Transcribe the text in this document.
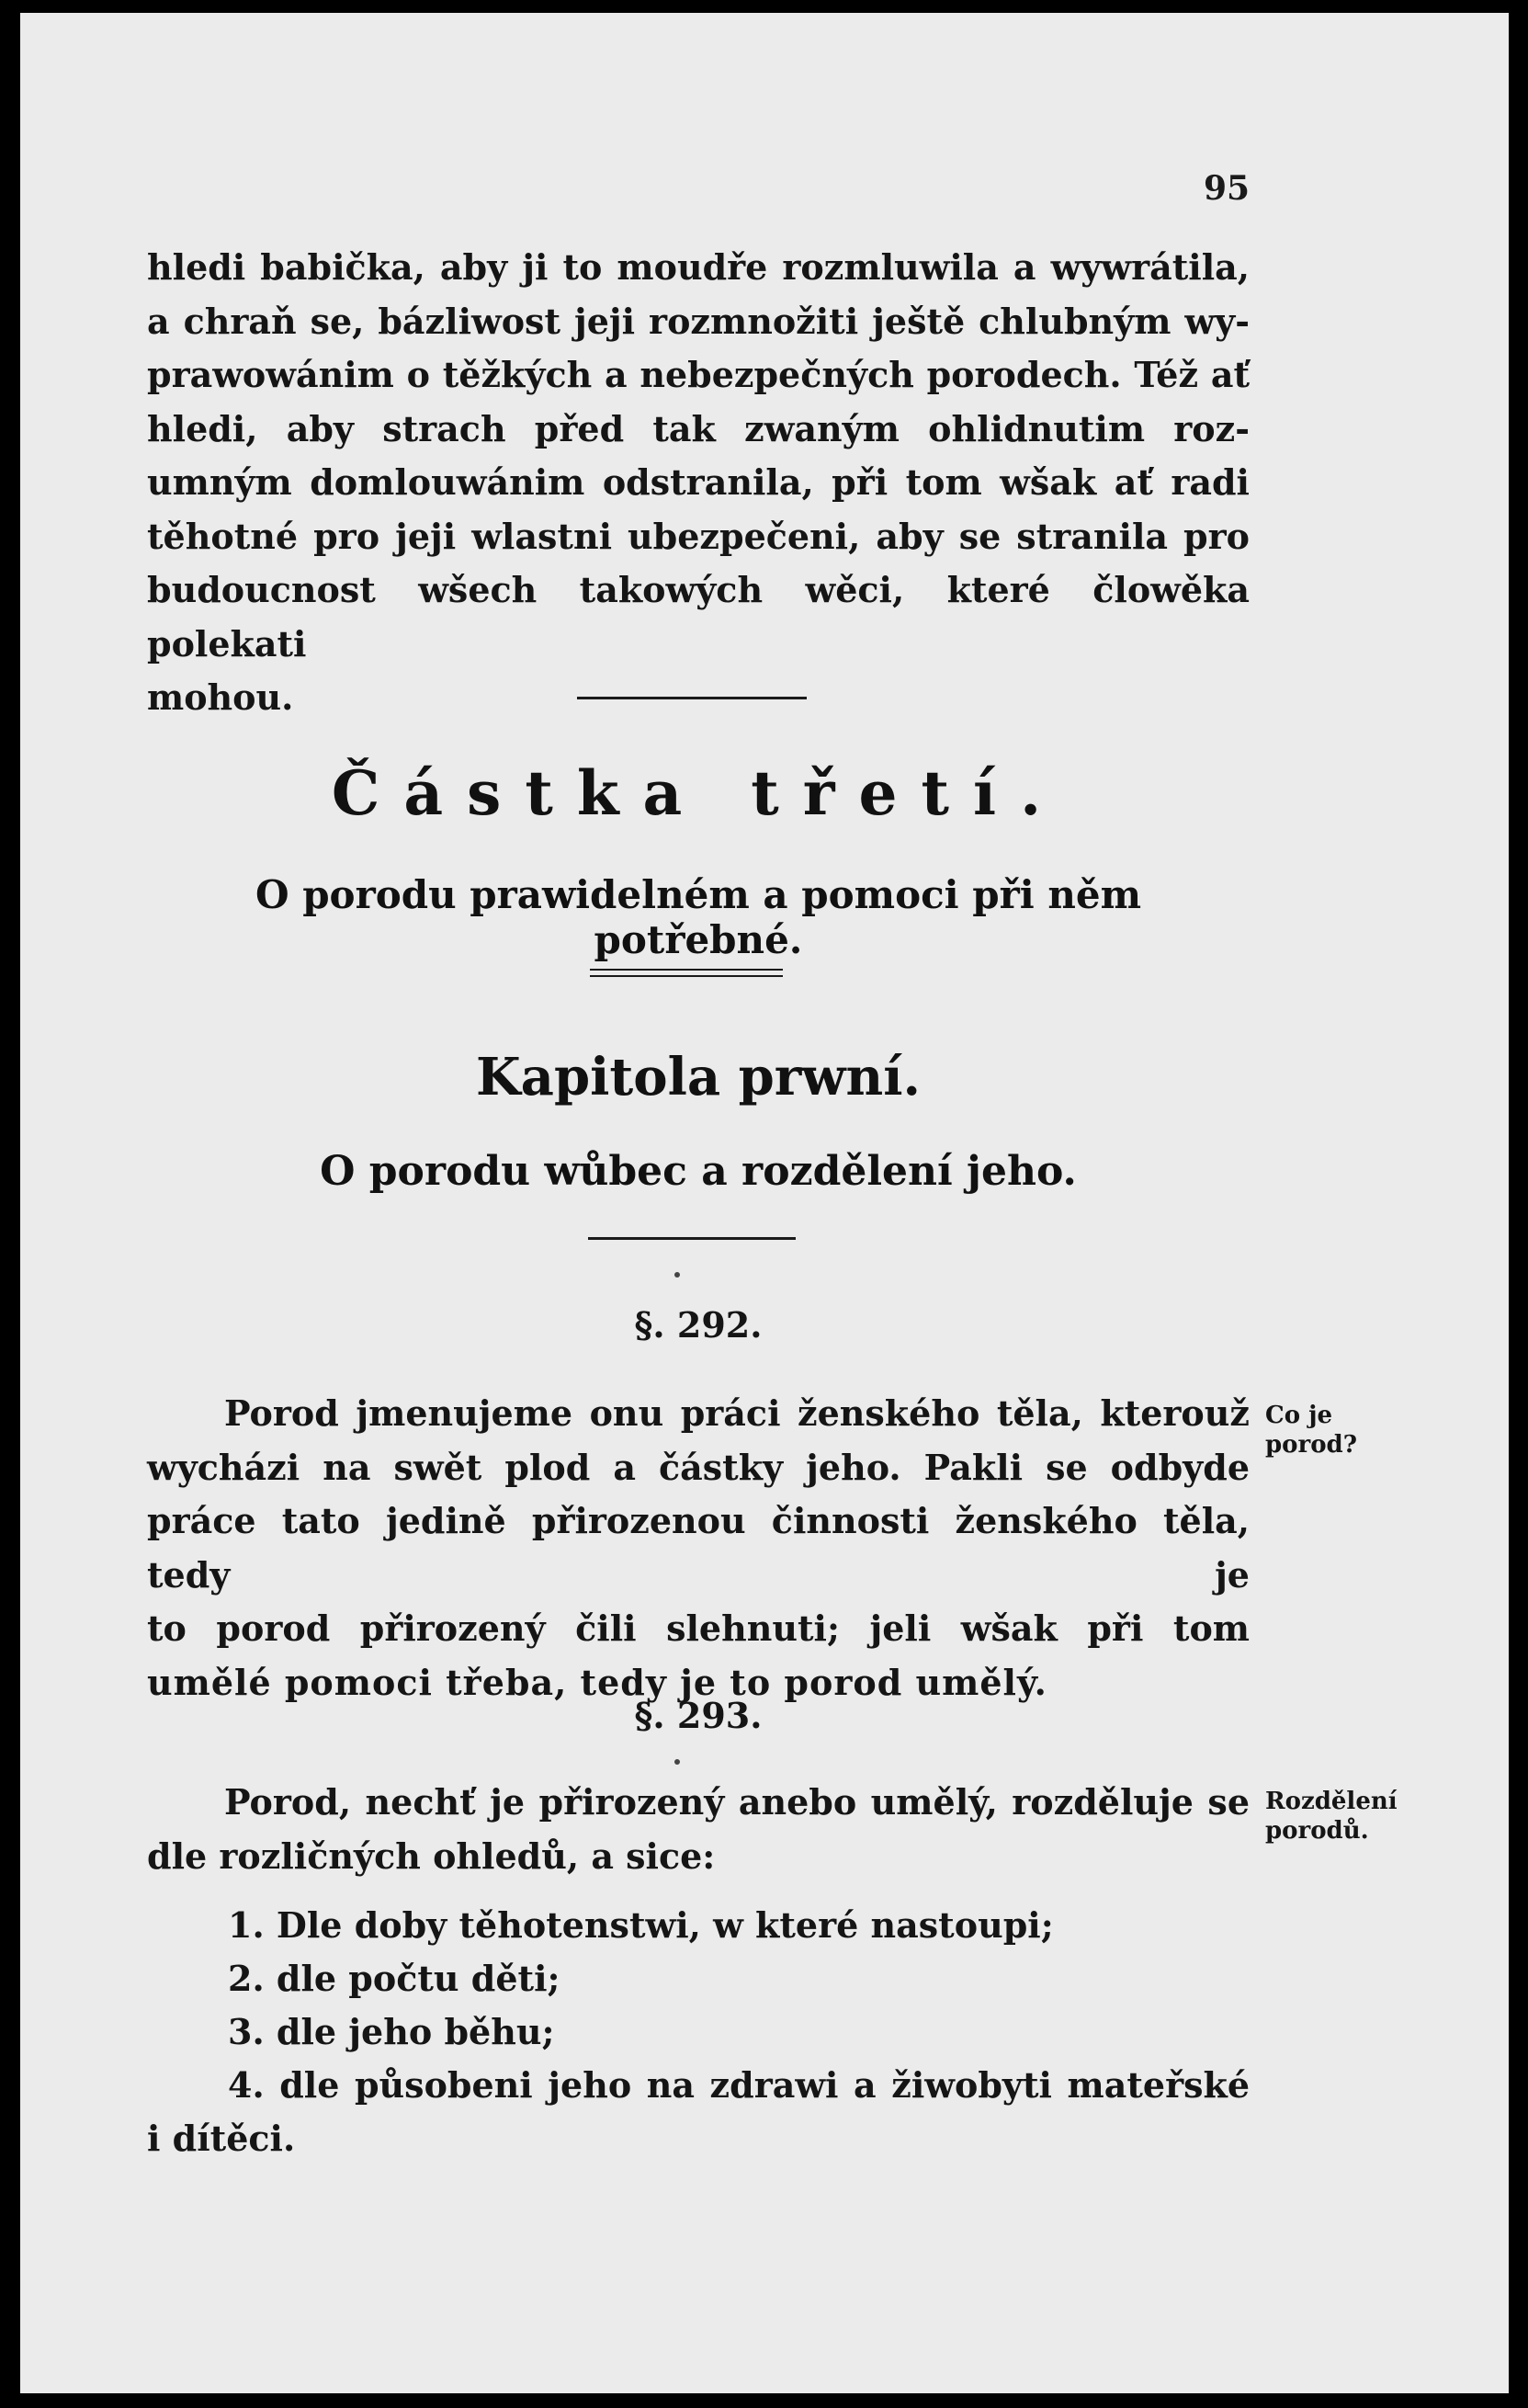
95
hledi babička, aby ji to moudře rozmluwila a wywrátila,
a chraň se, bázliwost jeji rozmnožiti ještě chlubným wy-
prawowánim o těžkých a nebezpečných porodech. Též ať
hledi, aby strach před tak zwaným ohlidnutim roz-
umným domlouwánim odstranila, při tom wšak ať radi
těhotné pro jeji wlastni ubezpečeni, aby se stranila pro
budoucnost wšech takowých wěci, které člowěka polekati
mohou.
Částka třetí.
O porodu prawidelném a pomoci při něm potřebné.
Kapitola prwní.
O porodu wůbec a rozdělení jeho.
§. 292.
Porod jmenujeme onu práci ženského těla, kterouž
wycházi na swět plod a částky jeho. Pakli se odbyde
práce tato jedině přirozenou činnosti ženského těla, tedy je
to porod přirozený čili slehnuti; jeli wšak při tom
umělé pomoci třeba, tedy je to porod umělý.
Co je porod?
§. 293.
Porod, nechť je přirozený anebo umělý, rozděluje se
dle rozličných ohledů, a sice:
Rozdělení porodů.
1. Dle doby těhotenstwi, w které nastoupi;
2. dle počtu děti;
3. dle jeho běhu;
4. dle působeni jeho na zdrawi a žiwobyti mateřské
i dítěci.
